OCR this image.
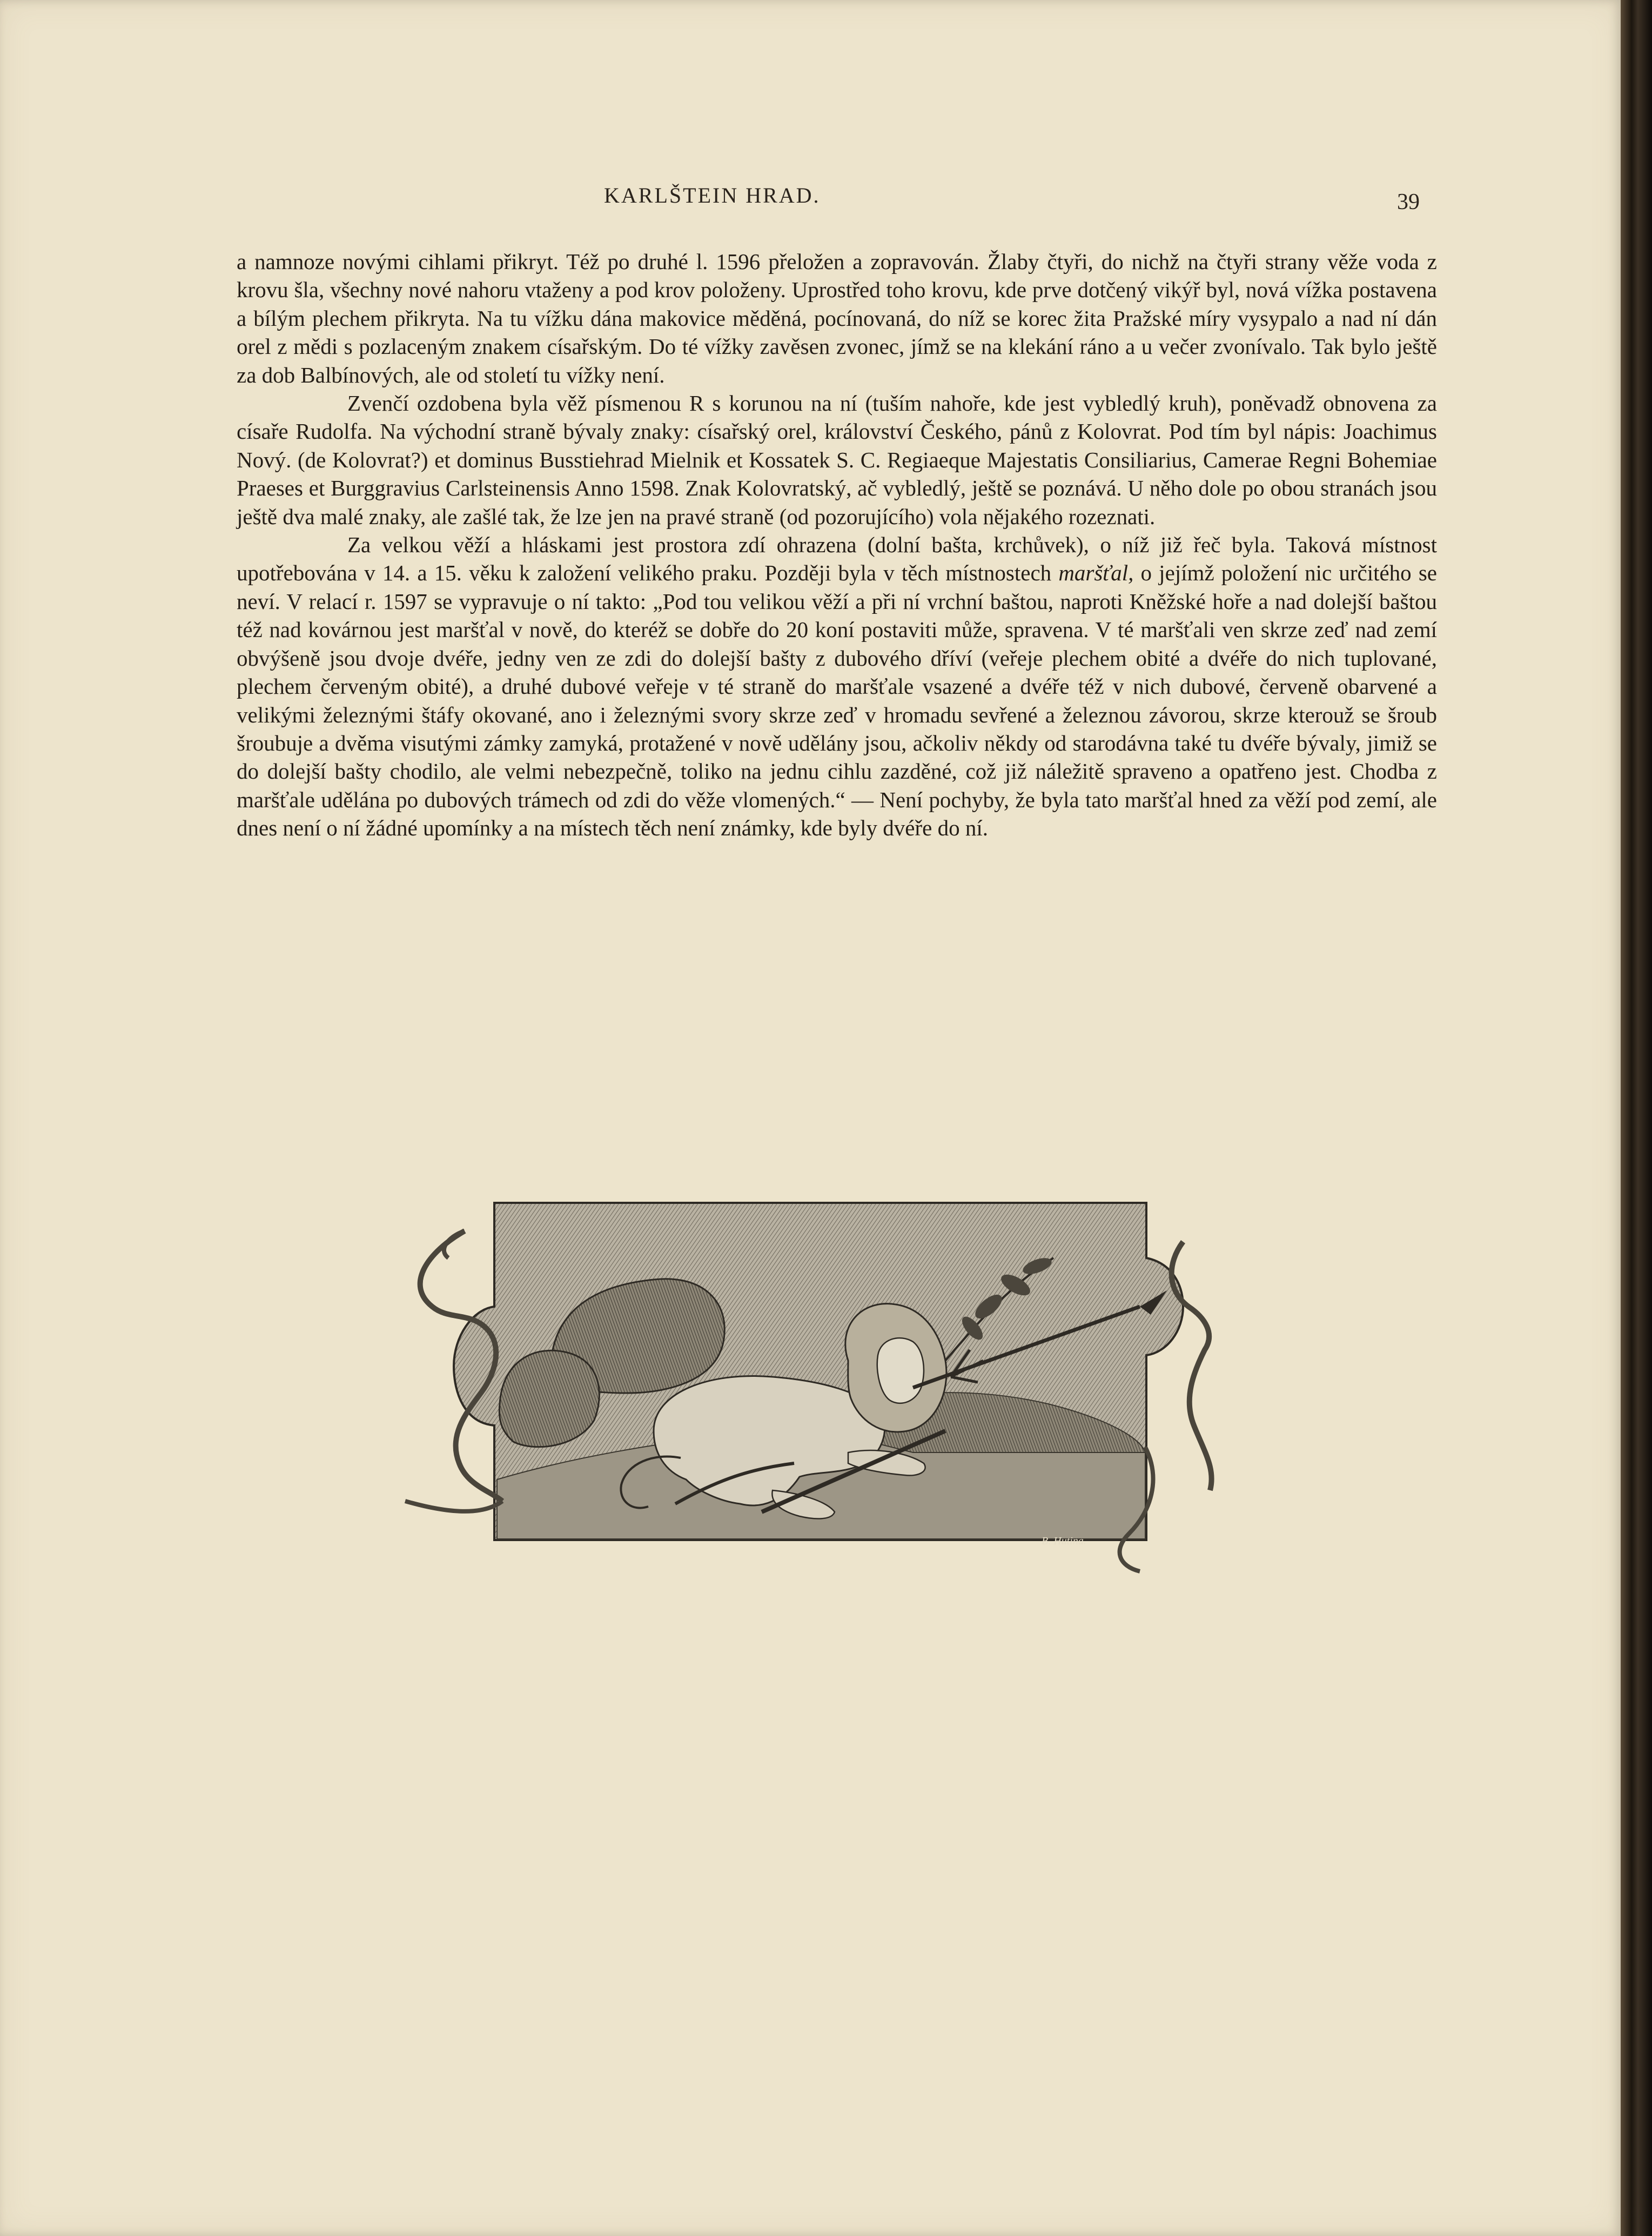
KARLŠTEIN HRAD.	39

a namnoze novými cihlami přikryt. Též po druhé l. 1596 přeložen a zopravován. Žlaby čtyři, do nichž na čtyři strany věže voda z krovu šla, všechny nové nahoru vtaženy a pod krov položeny. Uprostřed toho krovu, kde prve dotčený vikýř byl, nová vížka postavena a bílým plechem přikryta. Na tu vížku dána makovice měděná, pocínovaná, do níž se korec žita Pražské míry vysypalo a nad ní dán orel z mědi s pozlaceným znakem císařským. Do té vížky zavěsen zvonec, jímž se na klekání ráno a u večer zvonívalo. Tak bylo ještě za dob Balbínových, ale od století tu vížky není.

Zvenčí ozdobena byla věž písmenou R s korunou na ní (tuším nahoře, kde jest vybledlý kruh), poněvadž obnovena za císaře Rudolfa. Na východní straně bývaly znaky: císařský orel, království Českého, pánů z Kolovrat. Pod tím byl nápis: Joachimus Nový. (de Kolovrat?) et dominus Busstiehrad Mielnik et Kossatek S. C. Regiaeque Majestatis Consiliarius, Camerae Regni Bohemiae Praeses et Burggravius Carlsteinensis Anno 1598. Znak Kolovratský, ač vybledlý, ještě se poznává. U něho dole po obou stranách jsou ještě dva malé znaky, ale zašlé tak, že lze jen na pravé straně (od pozorujícího) vola nějakého rozeznati.

Za velkou věží a hláskami jest prostora zdí ohrazena (dolní bašta, krchůvek), o níž již řeč byla. Taková místnost upotřebována v 14. a 15. věku k založení velikého praku. Později byla v těch místnostech maršťal, o jejímž položení nic určitého se neví. V relací r. 1597 se vypravuje o ní takto: „Pod tou velikou věží a při ní vrchní baštou, naproti Kněžské hoře a nad dolejší baštou též nad kovárnou jest maršťal v nově, do kteréž se dobře do 20 koní postaviti může, spravena. V té maršťali ven skrze zeď nad zemí obvýšeně jsou dvoje dvéře, jedny ven ze zdi do dolejší bašty z dubového dříví (veřeje plechem obité a dvéře do nich tuplované, plechem červeným obité), a druhé dubové veřeje v té straně do maršťale vsazené a dvéře též v nich dubové, červeně obarvené a velikými železnými štáfy okované, ano i železnými svory skrze zeď v hromadu sevřené a železnou závorou, skrze kterouž se šroub šroubuje a dvěma visutými zámky zamyká, protažené v nově udělány jsou, ačkoliv někdy od starodávna také tu dvéře bývaly, jimiž se do dolejší bašty chodilo, ale velmi nebezpečně, toliko na jednu cihlu zazděné, což již náležitě spraveno a opatřeno jest. Chodba z maršťale udělána po dubových trámech od zdi do věže vlomených.“ — Není pochyby, že byla tato maršťal hned za věží pod zemí, ale dnes není o ní žádné upomínky a na místech těch není známky, kde byly dvéře do ní.

B. Hutina.
